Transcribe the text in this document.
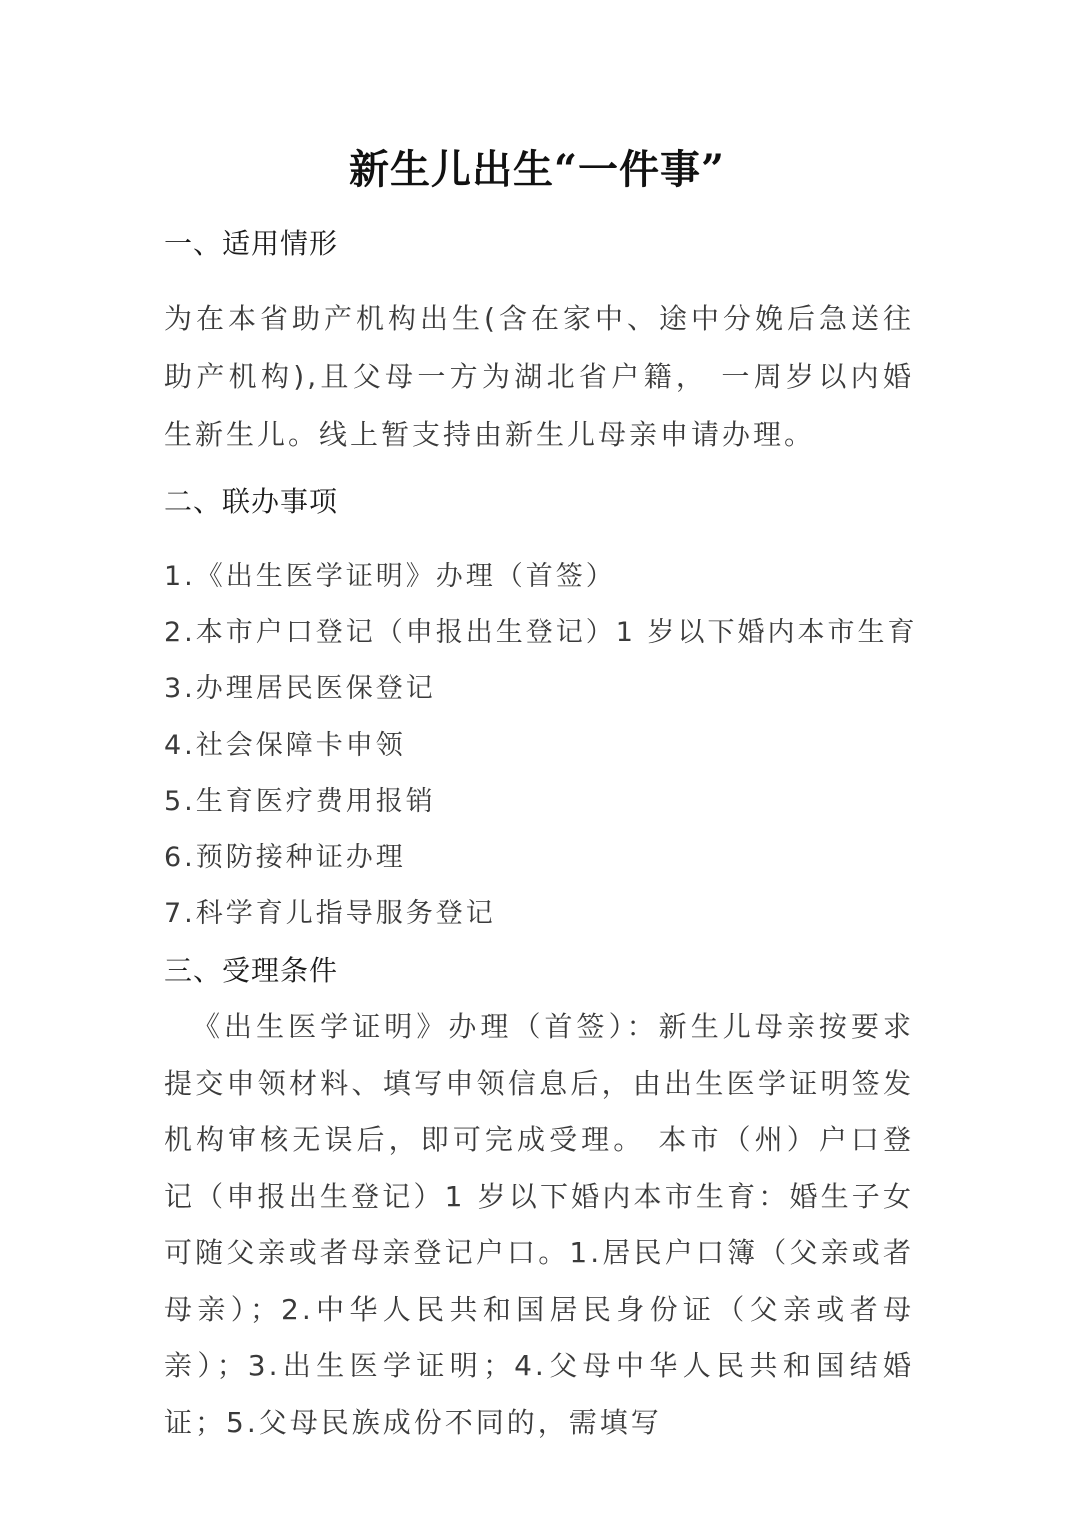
新生儿出生“一件事”
一、适用情形
为在本省助产机构出生(含在家中、途中分娩后急送往助产机构),且父母一方为湖北省户籍， 一周岁以内婚生新生儿。线上暂支持由新生儿母亲申请办理。
二、联办事项
1.《出生医学证明》办理（首签）
2.本市户口登记（申报出生登记）1 岁以下婚内本市生育
3.办理居民医保登记
4.社会保障卡申领
5.生育医疗费用报销
6.预防接种证办理
7.科学育儿指导服务登记
三、受理条件
《出生医学证明》办理（首签）：新生儿母亲按要求提交申领材料、填写申领信息后，由出生医学证明签发机构审核无误后，即可完成受理。 本市（州）户口登记（申报出生登记）1 岁以下婚内本市生育：婚生子女可随父亲或者母亲登记户口。1.居民户口簿（父亲或者母亲）；2.中华人民共和国居民身份证（父亲或者母亲）；3.出生医学证明；4.父母中华人民共和国结婚证；5.父母民族成份不同的，需填写
